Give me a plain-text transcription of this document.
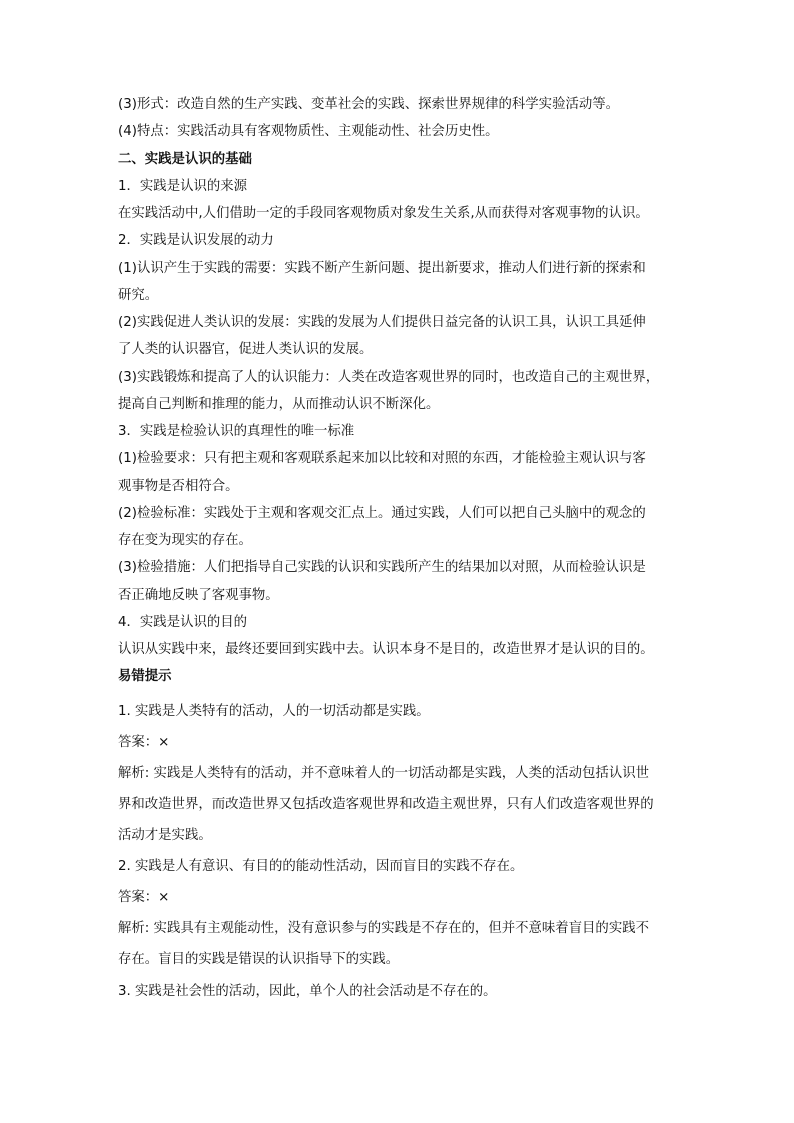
(3)形式：改造自然的生产实践、变革社会的实践、探索世界规律的科学实验活动等。
(4)特点：实践活动具有客观物质性、主观能动性、社会历史性。
二、实践是认识的基础
1．实践是认识的来源
在实践活动中,人们借助一定的手段同客观物质对象发生关系,从而获得对客观事物的认识。
2．实践是认识发展的动力
(1)认识产生于实践的需要：实践不断产生新问题、提出新要求，推动人们进行新的探索和
研究。
(2)实践促进人类认识的发展：实践的发展为人们提供日益完备的认识工具，认识工具延伸
了人类的认识器官，促进人类认识的发展。
(3)实践锻炼和提高了人的认识能力：人类在改造客观世界的同时，也改造自己的主观世界，
提高自己判断和推理的能力，从而推动认识不断深化。
3．实践是检验认识的真理性的唯一标准
(1)检验要求：只有把主观和客观联系起来加以比较和对照的东西，才能检验主观认识与客
观事物是否相符合。
(2)检验标准：实践处于主观和客观交汇点上。通过实践，人们可以把自己头脑中的观念的
存在变为现实的存在。
(3)检验措施：人们把指导自己实践的认识和实践所产生的结果加以对照，从而检验认识是
否正确地反映了客观事物。
4．实践是认识的目的
认识从实践中来，最终还要回到实践中去。认识本身不是目的，改造世界才是认识的目的。
易错提示
1. 实践是人类特有的活动，人的一切活动都是实践。
答案：×
解析: 实践是人类特有的活动，并不意味着人的一切活动都是实践，人类的活动包括认识世
界和改造世界，而改造世界又包括改造客观世界和改造主观世界，只有人们改造客观世界的
活动才是实践。
2. 实践是人有意识、有目的的能动性活动，因而盲目的实践不存在。
答案：×
解析: 实践具有主观能动性，没有意识参与的实践是不存在的，但并不意味着盲目的实践不
存在。盲目的实践是错误的认识指导下的实践。
3. 实践是社会性的活动，因此，单个人的社会活动是不存在的。
